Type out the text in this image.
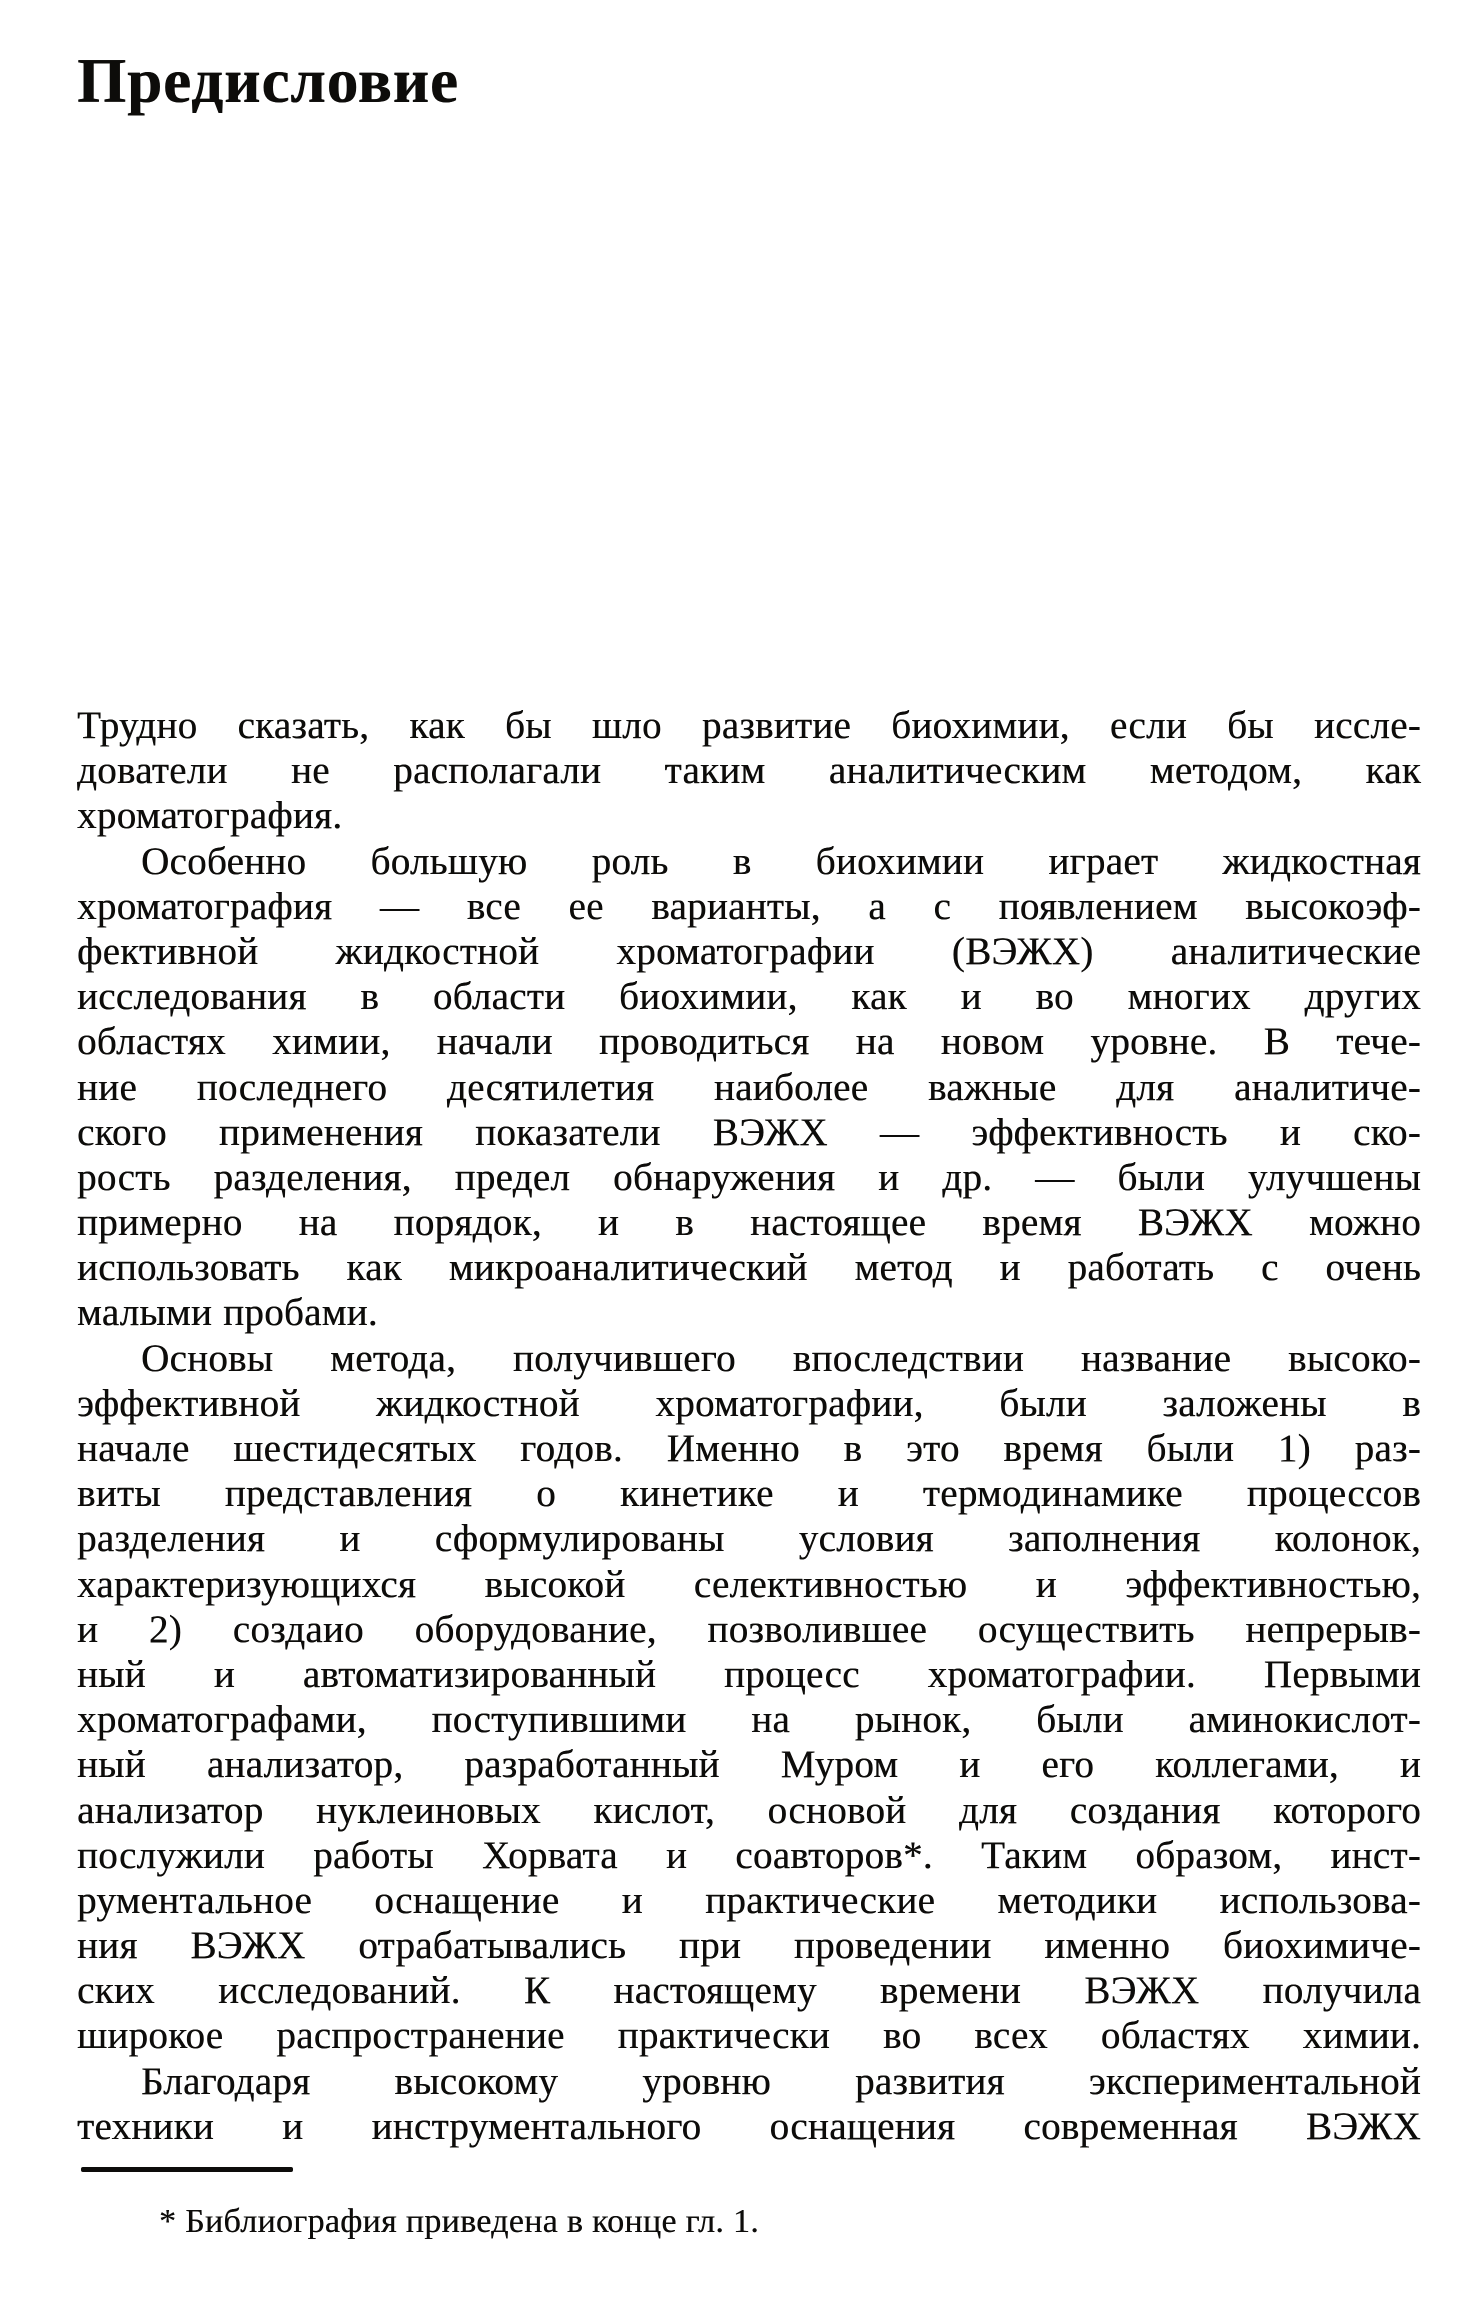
Предисловие
Трудно сказать, как бы шло развитие биохимии, если бы иссле-
дователи не располагали таким аналитическим методом, как
хроматография.
Особенно большую роль в биохимии играет жидкостная
хроматография — все ее варианты, а с появлением высокоэф-
фективной жидкостной хроматографии (ВЭЖХ) аналитические
исследования в области биохимии, как и во многих других
областях химии, начали проводиться на новом уровне. В тече-
ние последнего десятилетия наиболее важные для аналитиче-
ского применения показатели ВЭЖХ — эффективность и ско-
рость разделения, предел обнаружения и др. — были улучшены
примерно на порядок, и в настоящее время ВЭЖХ можно
использовать как микроаналитический метод и работать с очень
малыми пробами.
Основы метода, получившего впоследствии название высоко-
эффективной жидкостной хроматографии, были заложены в
начале шестидесятых годов. Именно в это время были 1) раз-
виты представления о кинетике и термодинамике процессов
разделения и сформулированы условия заполнения колонок,
характеризующихся высокой селективностью и эффективностью,
и 2) создаио оборудование, позволившее осуществить непрерыв-
ный и автоматизированный процесс хроматографии. Первыми
хроматографами, поступившими на рынок, были аминокислот-
ный анализатор, разработанный Муром и его коллегами, и
анализатор нуклеиновых кислот, основой для создания которого
послужили работы Хорвата и соавторов*. Таким образом, инст-
рументальное оснащение и практические методики использова-
ния ВЭЖХ отрабатывались при проведении именно биохимиче-
ских исследований. К настоящему времени ВЭЖХ получила
широкое распространение практически во всех областях химии.
Благодаря высокому уровню развития экспериментальной
техники и инструментального оснащения современная ВЭЖХ
* Библиография приведена в конце гл. 1.
